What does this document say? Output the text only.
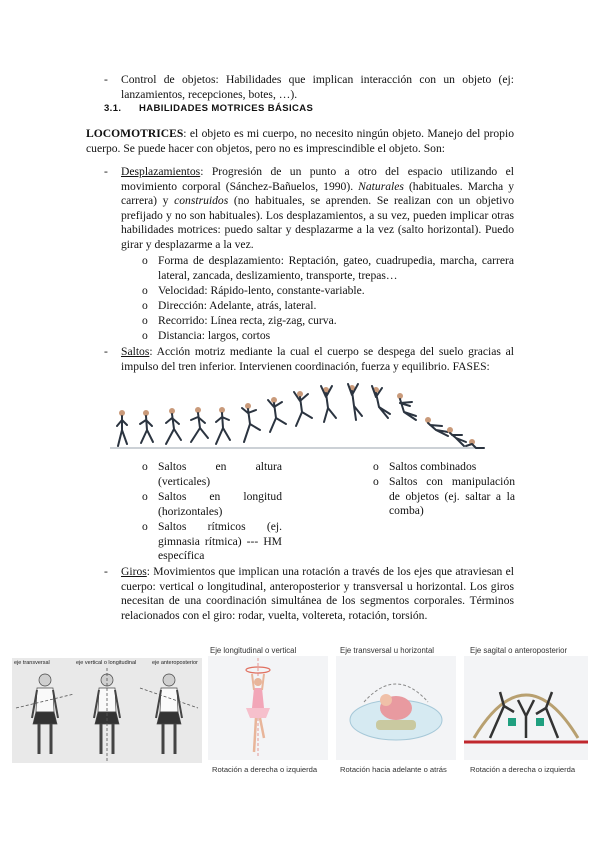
- Control de objetos: Habilidades que implican interacción con un objeto (ej: lanzamientos, recepciones, botes, …).
3.1. HABILIDADES MOTRICES BÁSICAS
LOCOMOTRICES: el objeto es mi cuerpo, no necesito ningún objeto. Manejo del propio cuerpo. Se puede hacer con objetos, pero no es imprescindible el objeto. Son:
- Desplazamientos: Progresión de un punto a otro del espacio utilizando el movimiento corporal (Sánchez-Bañuelos, 1990). Naturales (habituales. Marcha y carrera) y construidos (no habituales, se aprenden. Se realizan con un objetivo prefijado y no son habituales). Los desplazamientos, a su vez, pueden implicar otras habilidades motrices: puedo saltar y desplazarme a la vez (salto horizontal). Puedo girar y desplazarme a la vez.
o Forma de desplazamiento: Reptación, gateo, cuadrupedia, marcha, carrera lateral, zancada, deslizamiento, transporte, trepas…
o Velocidad: Rápido-lento, constante-variable.
o Dirección: Adelante, atrás, lateral.
o Recorrido: Línea recta, zig-zag, curva.
o Distancia: largos, cortos
- Saltos: Acción motriz mediante la cual el cuerpo se despega del suelo gracias al impulso del tren inferior. Intervienen coordinación, fuerza y equilibrio. FASES:
o Saltos en altura (verticales)
o Saltos en longitud (horizontales)
o Saltos rítmicos (ej. gimnasia rítmica) --- HM específica
o Saltos combinados
o Saltos con manipulación de objetos (ej. saltar a la comba)
- Giros: Movimientos que implican una rotación a través de los ejes que atraviesan el cuerpo: vertical o longitudinal, anteroposterior y transversal u horizontal. Los giros necesitan de una coordinación simultánea de los segmentos corporales. Términos relacionados con el giro: rodar, vuelta, voltereta, rotación, torsión.
eje transversal	eje vertical o longitudinal	eje anteroposterior
Eje longitudinal o vertical	Eje transversal u horizontal	Eje sagital o anteroposterior
Rotación a derecha o izquierda	Rotación hacia adelante o atrás	Rotación a derecha o izquierda
